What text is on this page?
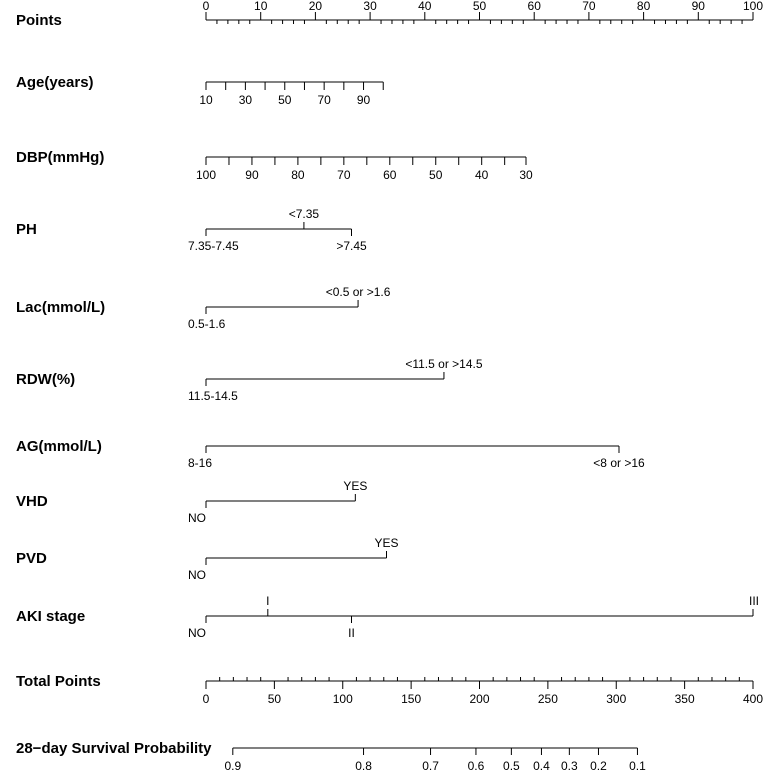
Points
0	10	20	30	40	50	60	70	80	90	100
Age(years)
10 30 50 70 90
DBP(mmHg)
100 90	80	70	60	50	40	30
PH
7.35-7.45
<7.35
>7.45
Lac(mmol/L)
0.5-1.6
<0.5 or >1.6
RDW(%)
11.5-14.5
<11.5 or >14.5
AG(mmol/L)
8-16	<8 or >16
VHD
NO
YES
PVD
NO
YES
AKI stage
NO
I
II
III
Total Points
0	50	100	150	200	250	300	350	400
28−day Survival Probability
0.9	0.8	0.7 0.6 0.5 0.4 0.3 0.2 0.1
